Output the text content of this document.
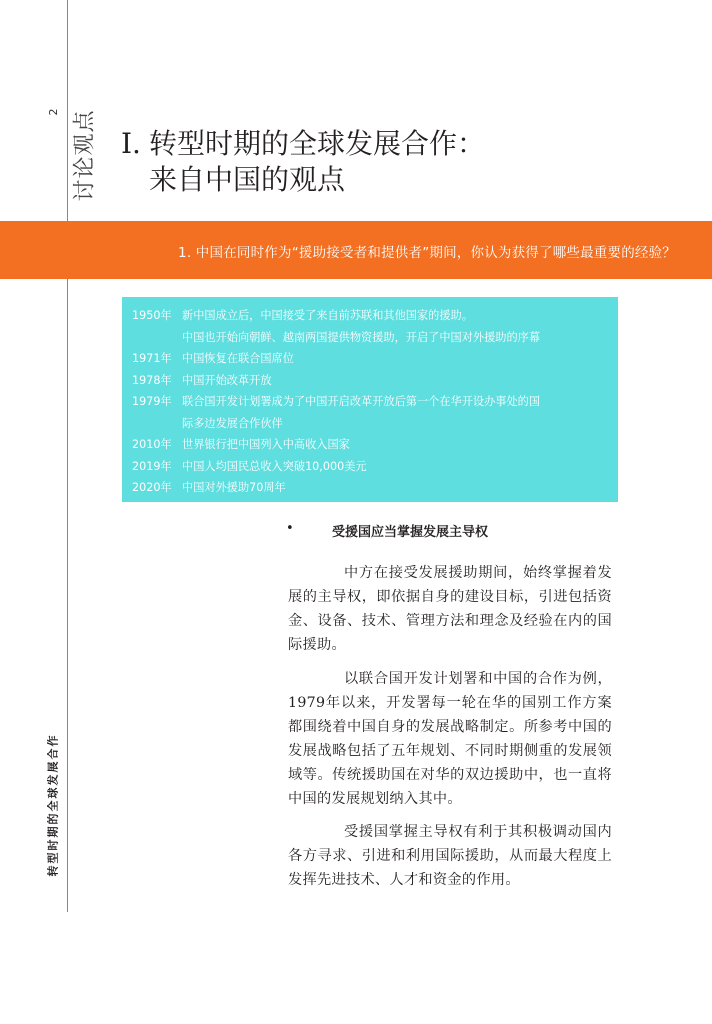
2 讨论观点
转型时期的全球发展合作
I. 转型时期的全球发展合作：
来自中国的观点
1. 中国在同时作为“援助接受者和提供者”期间，你认为获得了哪些最重要的经验？
1950年 新中国成立后，中国接受了来自前苏联和其他国家的援助。
中国也开始向朝鲜、越南两国提供物资援助，开启了中国对外援助的序幕
1971年 中国恢复在联合国席位
1978年 中国开始改革开放
1979年 联合国开发计划署成为了中国开启改革开放后第一个在华开设办事处的国
际多边发展合作伙伴
2010年 世界银行把中国列入中高收入国家
2019年 中国人均国民总收入突破10,000美元
2020年 中国对外援助70周年
•	受援国应当掌握发展主导权

中方在接受发展援助期间，始终掌握着发展的主导权，即依据自身的建设目标，引进包括资金、设备、技术、管理方法和理念及经验在内的国际援助。

以联合国开发计划署和中国的合作为例，1979年以来，开发署每一轮在华的国别工作方案都围绕着中国自身的发展战略制定。所参考中国的发展战略包括了五年规划、不同时期侧重的发展领域等。传统援助国在对华的双边援助中，也一直将中国的发展规划纳入其中。

受援国掌握主导权有利于其积极调动国内各方寻求、引进和利用国际援助，从而最大程度上发挥先进技术、人才和资金的作用。
